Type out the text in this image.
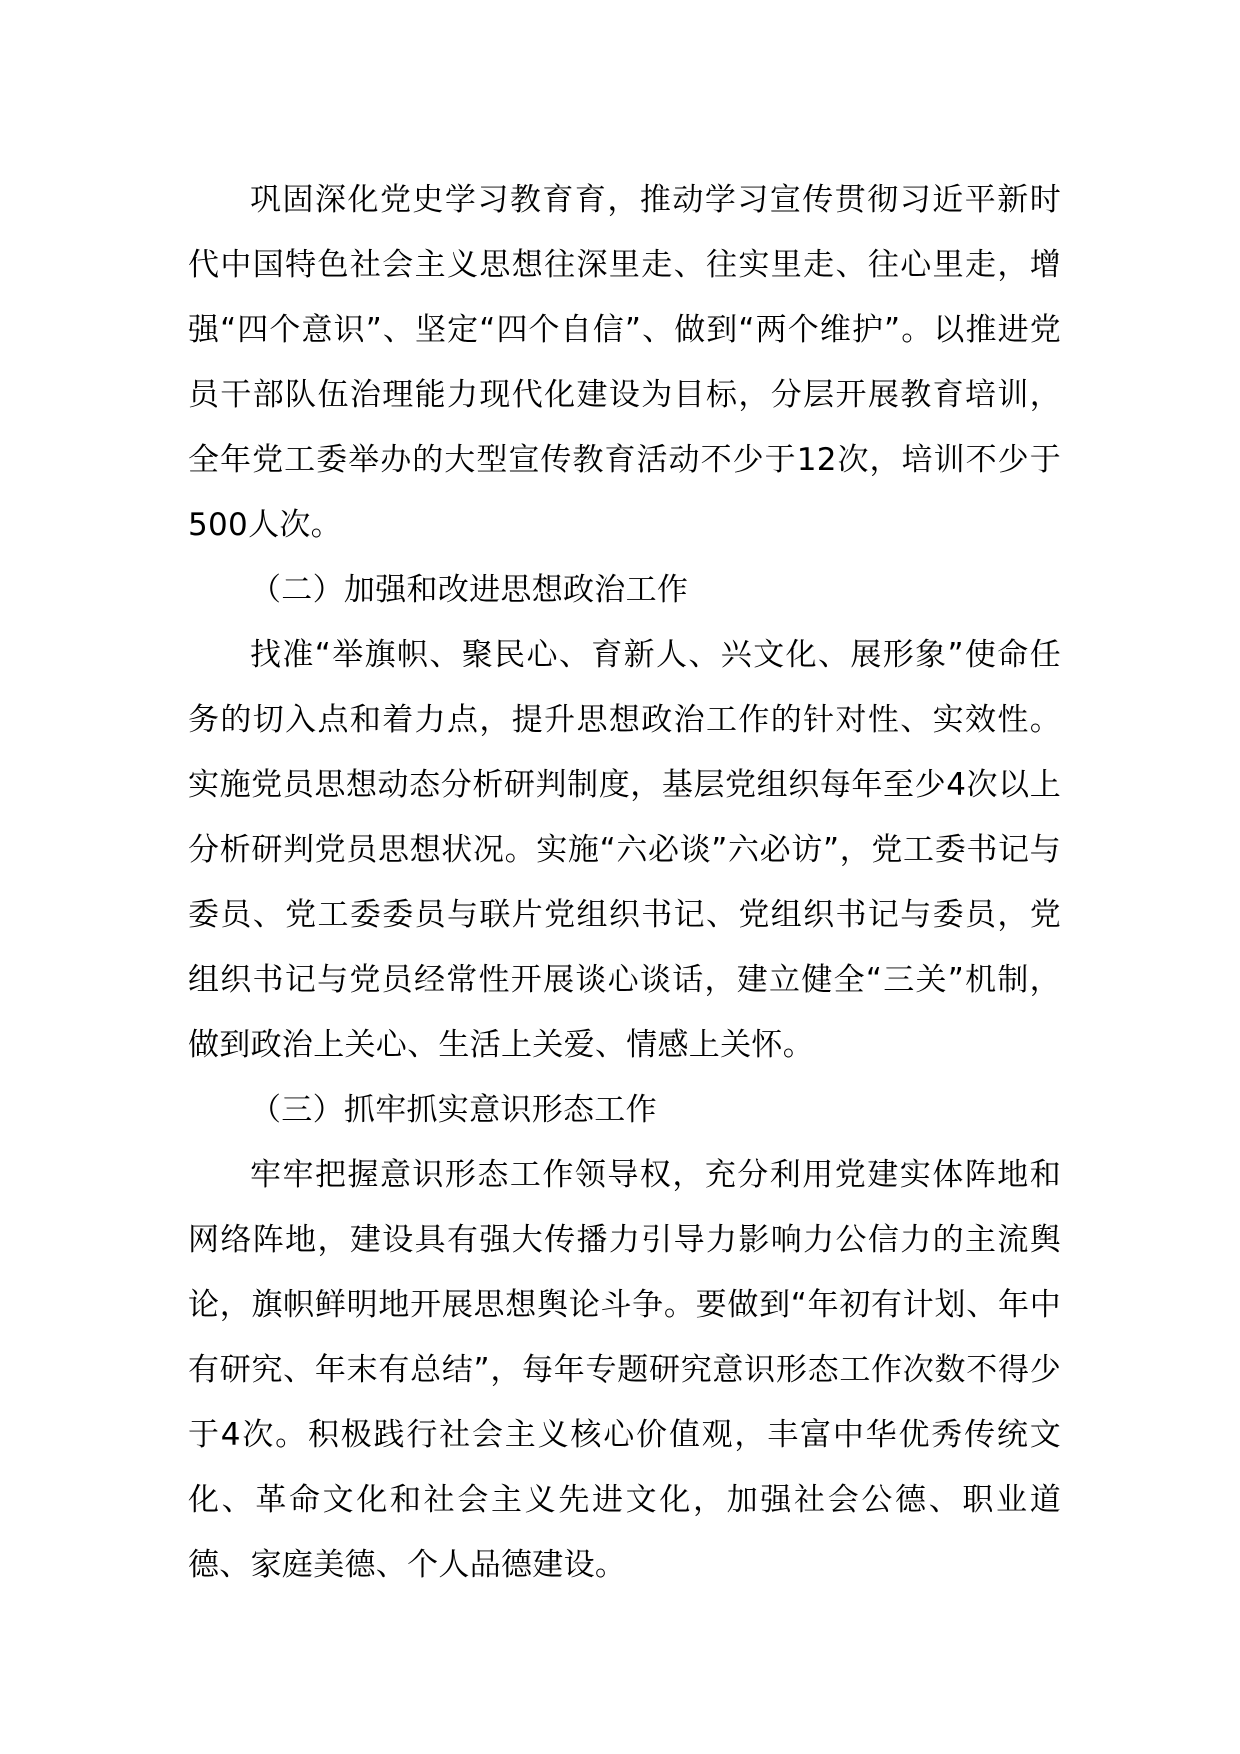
巩固深化党史学习教育育，推动学习宣传贯彻习近平新时代中国特色社会主义思想往深里走、往实里走、往心里走，增强“四个意识”、坚定“四个自信”、做到“两个维护”。以推进党员干部队伍治理能力现代化建设为目标，分层开展教育培训，全年党工委举办的大型宣传教育活动不少于12次，培训不少于500人次。

（二）加强和改进思想政治工作

找准“举旗帜、聚民心、育新人、兴文化、展形象”使命任务的切入点和着力点，提升思想政治工作的针对性、实效性。实施党员思想动态分析研判制度，基层党组织每年至少4次以上分析研判党员思想状况。实施“六必谈”六必访”，党工委书记与委员、党工委委员与联片党组织书记、党组织书记与委员，党组织书记与党员经常性开展谈心谈话，建立健全“三关”机制，做到政治上关心、生活上关爱、情感上关怀。

（三）抓牢抓实意识形态工作

牢牢把握意识形态工作领导权，充分利用党建实体阵地和网络阵地，建设具有强大传播力引导力影响力公信力的主流舆论，旗帜鲜明地开展思想舆论斗争。要做到“年初有计划、年中有研究、年末有总结”，每年专题研究意识形态工作次数不得少于4次。积极践行社会主义核心价值观，丰富中华优秀传统文化、革命文化和社会主义先进文化，加强社会公德、职业道德、家庭美德、个人品德建设。
